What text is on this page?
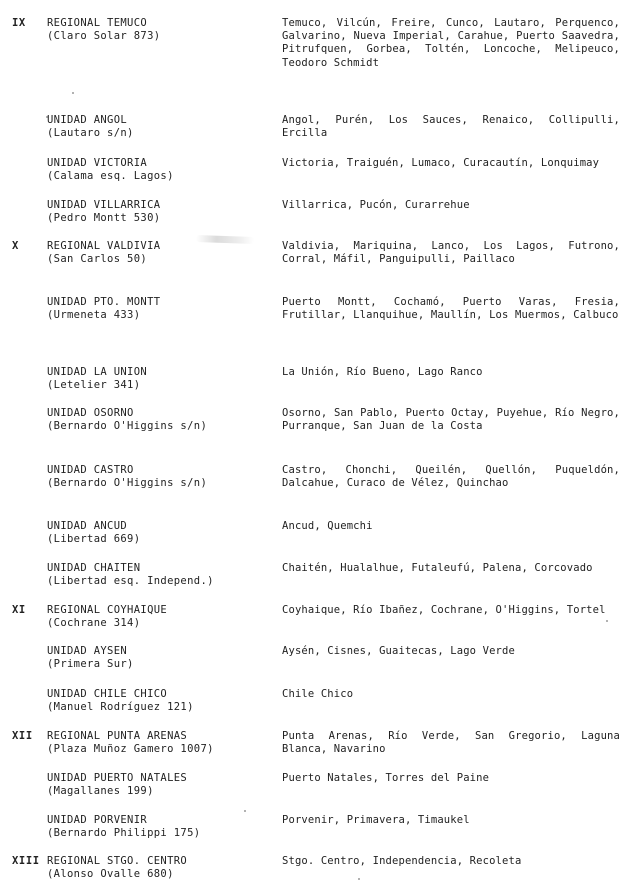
IX REGIONAL TEMUCO
(Claro Solar 873)
Temuco, Vilcún, Freire, Cunco, Lautaro, Perquenco, Galvarino, Nueva Imperial, Carahue, Puerto Saavedra, Pitrufquen, Gorbea, Toltén, Loncoche, Melipeuco, Teodoro Schmidt
UNIDAD ANGOL
(Lautaro s/n)
Angol, Purén, Los Sauces, Renaico, Collipulli, Ercilla
UNIDAD VICTORIA
(Calama esq. Lagos)
Victoria, Traiguén, Lumaco, Curacautín, Lonquimay
UNIDAD VILLARRICA
(Pedro Montt 530)
Villarrica, Pucón, Curarrehue
X	REGIONAL VALDIVIA
(San Carlos 50)
Valdivia, Mariquina, Lanco, Los Lagos, Futrono, Corral, Máfil, Panguipulli, Paillaco
UNIDAD PTO. MONTT
(Urmeneta 433)
Puerto Montt, Cochamó, Puerto Varas, Fresia, Frutillar, Llanquihue, Maullín, Los Muermos, Calbuco
UNIDAD LA UNION
(Letelier 341)
La Unión, Río Bueno, Lago Ranco
UNIDAD OSORNO
(Bernardo O'Higgins s/n)
Osorno, San Pablo, Puerto Octay, Puyehue, Río Negro, Purranque, San Juan de la Costa
UNIDAD CASTRO
(Bernardo O'Higgins s/n)
Castro, Chonchi, Queilén, Quellón, Puqueldón, Dalcahue, Curaco de Vélez, Quinchao
UNIDAD ANCUD
(Libertad 669)
Ancud, Quemchi
UNIDAD CHAITEN
(Libertad esq. Independ.)
Chaitén, Hualalhue, Futaleufú, Palena, Corcovado
XI REGIONAL COYHAIQUE
(Cochrane 314)
Coyhaique, Río Ibañez, Cochrane, O'Higgins, Tortel
UNIDAD AYSEN
(Primera Sur)
Aysén, Cisnes, Guaitecas, Lago Verde
UNIDAD CHILE CHICO
(Manuel Rodríguez 121)
Chile Chico
XII REGIONAL PUNTA ARENAS
(Plaza Muñoz Gamero 1007)
Punta Arenas, Río Verde, San Gregorio, Laguna Blanca, Navarino
UNIDAD PUERTO NATALES
(Magallanes 199)
Puerto Natales, Torres del Paine
UNIDAD PORVENIR
(Bernardo Philippi 175)
Porvenir, Primavera, Timaukel
XIII REGIONAL STGO. CENTRO
(Alonso Ovalle 680)
Stgo. Centro, Independencia, Recoleta
